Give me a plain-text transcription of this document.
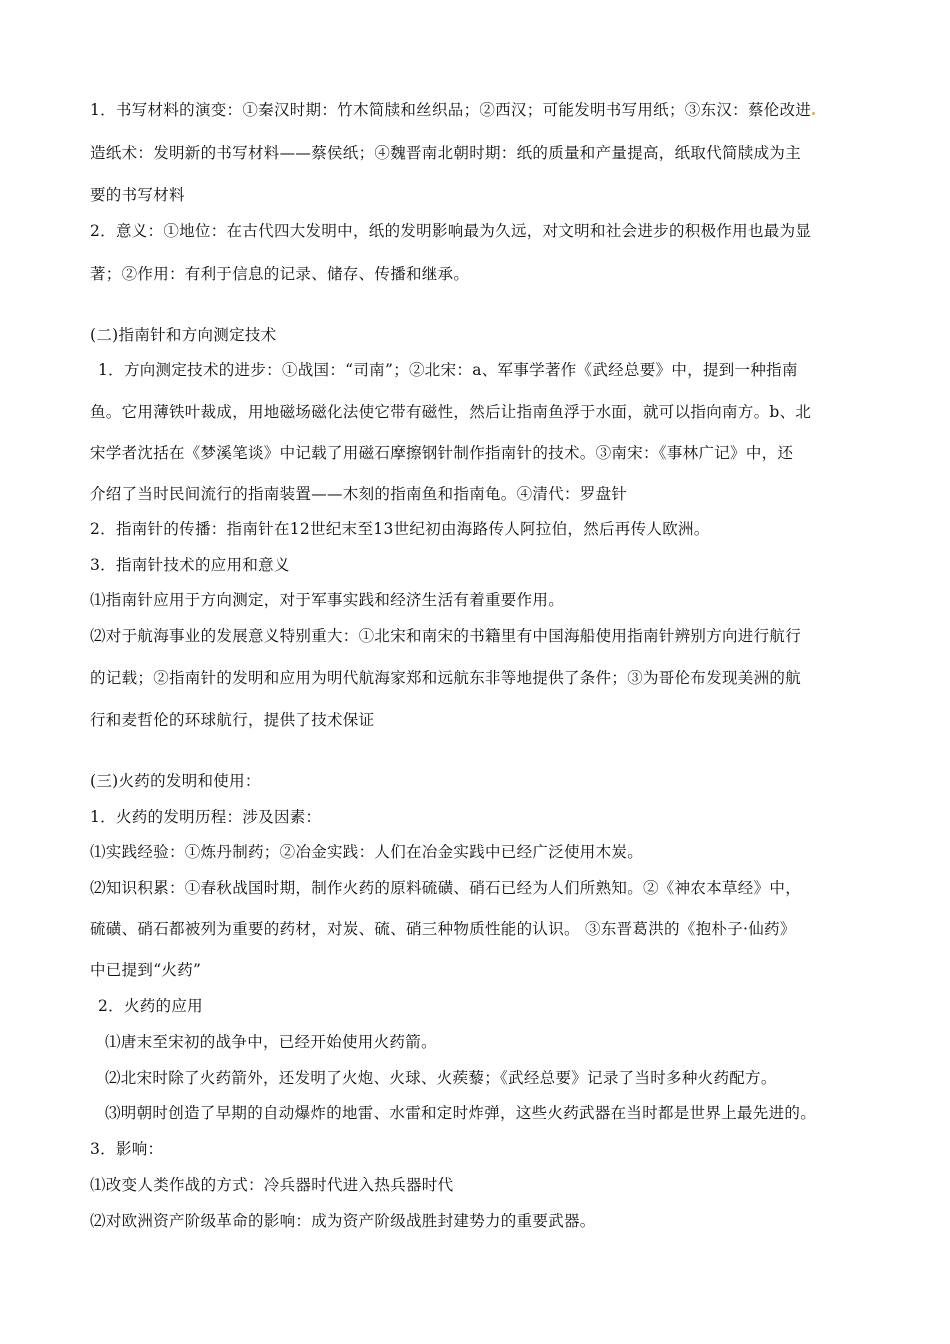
1．书写材料的演变：①秦汉时期：竹木简牍和丝织品；②西汉；可能发明书写用纸；③东汉：蔡伦改进
造纸术：发明新的书写材料——蔡侯纸；④魏晋南北朝时期：纸的质量和产量提高，纸取代简牍成为主
要的书写材料
2．意义：①地位：在古代四大发明中，纸的发明影响最为久远，对文明和社会进步的积极作用也最为显
著；②作用：有利于信息的记录、储存、传播和继承。
(二)指南针和方向测定技术
1．方向测定技术的进步：①战国：“司南”；②北宋：a、军事学著作《武经总要》中，提到一种指南
鱼。它用薄铁叶裁成，用地磁场磁化法使它带有磁性，然后让指南鱼浮于水面，就可以指向南方。b、北
宋学者沈括在《梦溪笔谈》中记载了用磁石摩擦钢针制作指南针的技术。③南宋：《事林广记》中，还
介绍了当时民间流行的指南装置——木刻的指南鱼和指南龟。④清代：罗盘针
2．指南针的传播：指南针在12世纪末至13世纪初由海路传人阿拉伯，然后再传人欧洲。
3．指南针技术的应用和意义
⑴指南针应用于方向测定，对于军事实践和经济生活有着重要作用。
⑵对于航海事业的发展意义特别重大：①北宋和南宋的书籍里有中国海船使用指南针辨别方向进行航行
的记载；②指南针的发明和应用为明代航海家郑和远航东非等地提供了条件；③为哥伦布发现美洲的航
行和麦哲伦的环球航行，提供了技术保证
(三)火药的发明和使用：
1．火药的发明历程：涉及因素：
⑴实践经验：①炼丹制药；②冶金实践：人们在冶金实践中已经广泛使用木炭。
⑵知识积累：①春秋战国时期，制作火药的原料硫磺、硝石已经为人们所熟知。②《神农本草经》中，
硫磺、硝石都被列为重要的药材，对炭、硫、硝三种物质性能的认识。 ③东晋葛洪的《抱朴子·仙药》
中已提到“火药”
2．火药的应用
⑴唐末至宋初的战争中，已经开始使用火药箭。
⑵北宋时除了火药箭外，还发明了火炮、火球、火蒺藜；《武经总要》记录了当时多种火药配方。
⑶明朝时创造了早期的自动爆炸的地雷、水雷和定时炸弹，这些火药武器在当时都是世界上最先进的。
3．影响：
⑴改变人类作战的方式：冷兵器时代进入热兵器时代
⑵对欧洲资产阶级革命的影响：成为资产阶级战胜封建势力的重要武器。
